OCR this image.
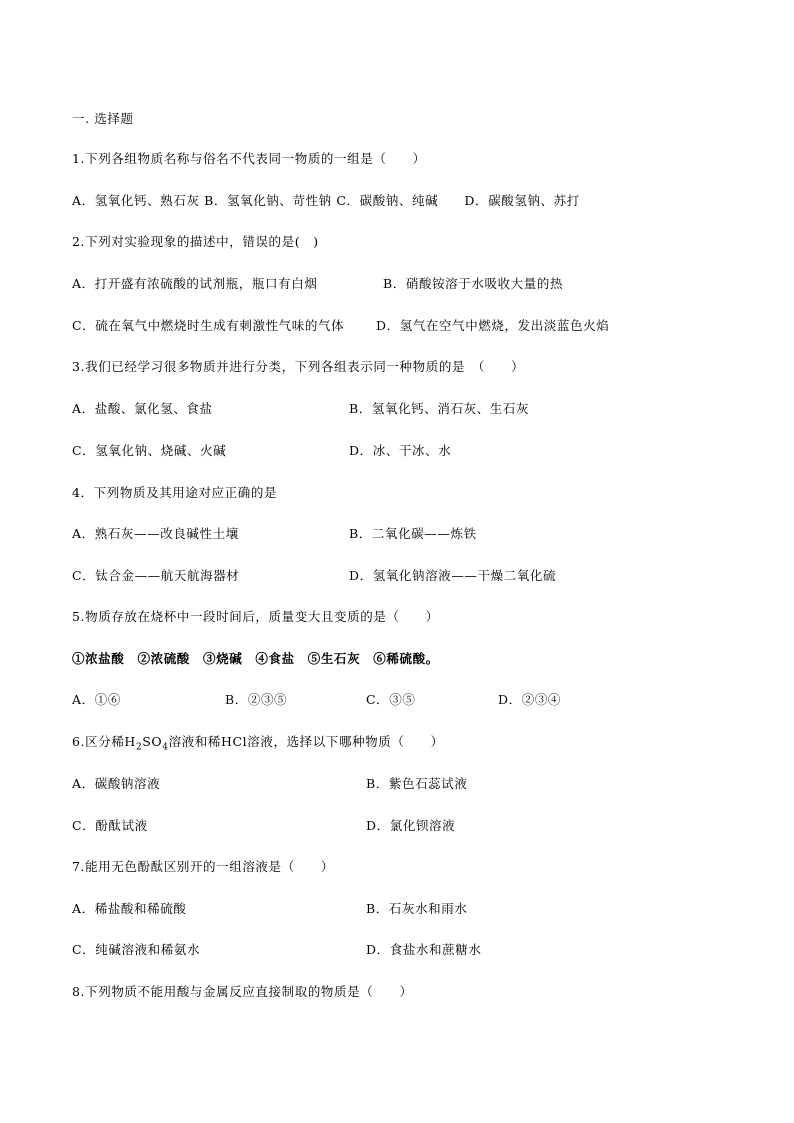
一. 选择题
1.下列各组物质名称与俗名不代表同一物质的一组是（　　）
A．氢氧化钙、熟石灰 B．氢氧化钠、苛性钠 C．碳酸钠、纯碱　　D．碳酸氢钠、苏打
2.下列对实验现象的描述中，错误的是(　)
A．打开盛有浓硫酸的试剂瓶，瓶口有白烟	B．硝酸铵溶于水吸收大量的热
C．硫在氧气中燃烧时生成有刺激性气味的气体	D．氢气在空气中燃烧，发出淡蓝色火焰
3.我们已经学习很多物质并进行分类，下列各组表示同一种物质的是　（　　）
A．盐酸、氯化氢、食盐	B．氢氧化钙、消石灰、生石灰
C．氢氧化钠、烧碱、火碱	D．冰、干冰、水
4．下列物质及其用途对应正确的是
A．熟石灰——改良碱性土壤	B．二氧化碳——炼铁
C．钛合金——航天航海器材	D．氢氧化钠溶液——干燥二氧化硫
5.物质存放在烧杯中一段时间后，质量变大且变质的是（　　）
①浓盐酸　②浓硫酸　③烧碱　④食盐　⑤生石灰　⑥稀硫酸。
A．①⑥	B．②③⑤	C．③⑤	D．②③④
6.区分稀$H_2SO_4$溶液和稀HCl溶液，选择以下哪种物质（　　）
A．碳酸钠溶液	B．紫色石蕊试液
C．酚酞试液	D．氯化钡溶液
7.能用无色酚酞区别开的一组溶液是（　　）
A．稀盐酸和稀硫酸	B．石灰水和雨水
C．纯碱溶液和稀氨水	D．食盐水和蔗糖水
8.下列物质不能用酸与金属反应直接制取的物质是（　　）
